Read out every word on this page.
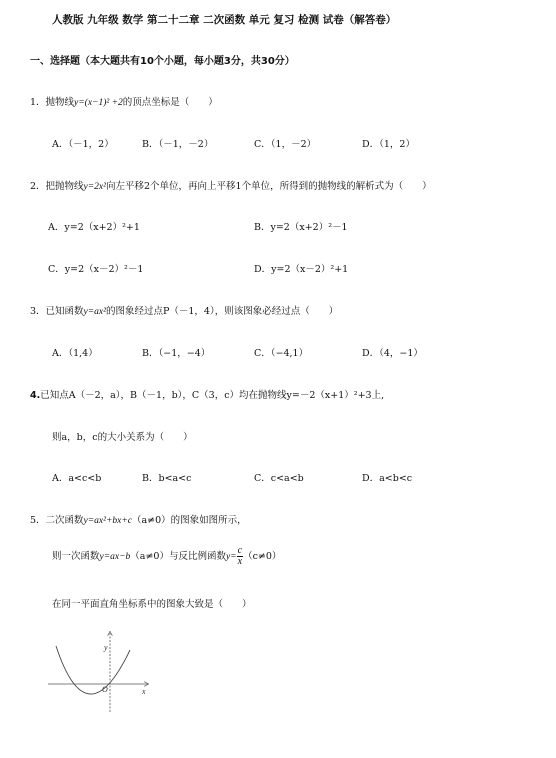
人教版 九年级 数学 第二十二章 二次函数 单元 复习 检测 试卷（解答卷）
一、选择题（本大题共有10个小题，每小题3分，共30分）
1．抛物线y=(x−1)² +2的顶点坐标是（　　）
A．（－1，2）	B．（－1，－2）	C．（1，－2）	D．（1，2）
2．把抛物线y=2x²向左平移2个单位，再向上平移1个单位，所得到的抛物线的解析式为（　　）
A．y=2（x+2）²+1	B．y=2（x+2）²－1
C．y=2（x－2）²－1	D．y=2（x－2）²+1
3．已知函数y=ax²的图象经过点P（－1，4），则该图象必经过点（　　）
A．（1,4）	B．（−1，−4）	C．（−4,1）	D．（4，−1）
4.已知点A（－2，a），B（－1，b），C（3，c）均在抛物线y=－2（x+1）²+3上,
则a，b，c的大小关系为（　　）
A．a<c<b	B．b<a<c	C．c<a<b	D．a<b<c
5．二次函数y=ax²+bx+c（a≠0）的图象如图所示，
则一次函数y=ax−b（a≠0）与反比例函数$y= \frac{c}{x} (c\ne 0)$
在同一平面直角坐标系中的图象大致是（　　）
y
x
O
